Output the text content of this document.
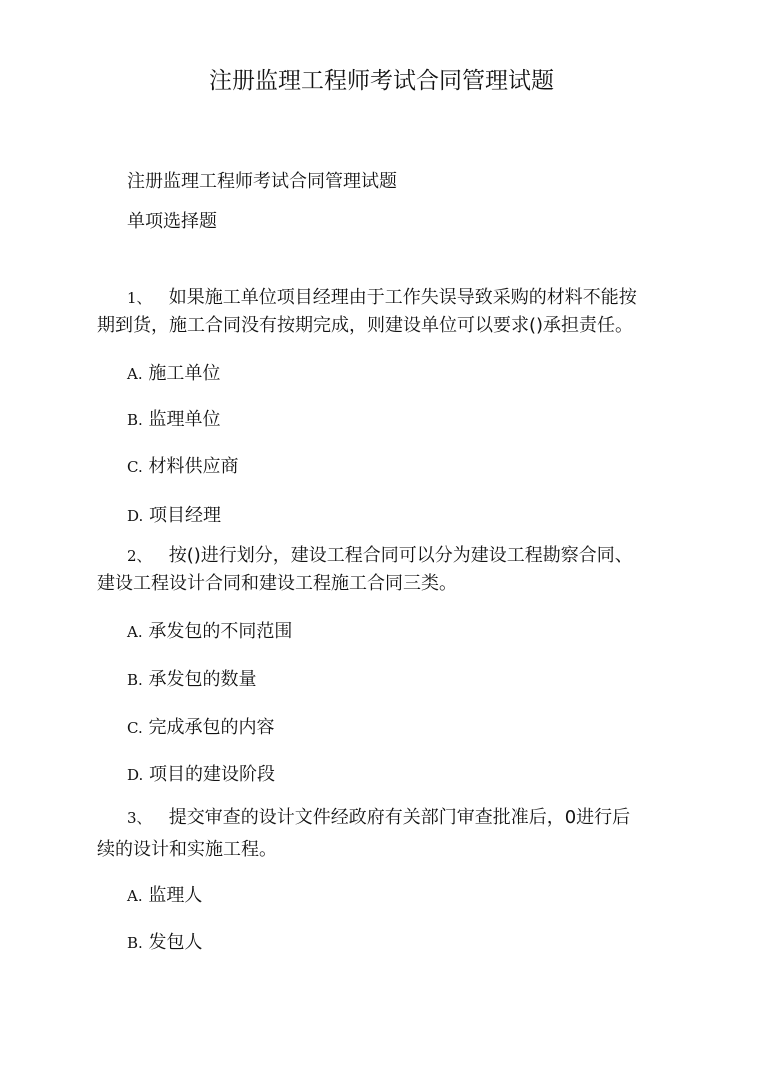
注册监理工程师考试合同管理试题
注册监理工程师考试合同管理试题
单项选择题
1、 如果施工单位项目经理由于工作失误导致采购的材料不能按
期到货，施工合同没有按期完成，则建设单位可以要求()承担责任。
A. 施工单位
B. 监理单位
C. 材料供应商
D. 项目经理
2、 按()进行划分，建设工程合同可以分为建设工程勘察合同、
建设工程设计合同和建设工程施工合同三类。
A. 承发包的不同范围
B. 承发包的数量
C. 完成承包的内容
D. 项目的建设阶段
3、 提交审查的设计文件经政府有关部门审查批准后，0进行后
续的设计和实施工程。
A. 监理人
B. 发包人
